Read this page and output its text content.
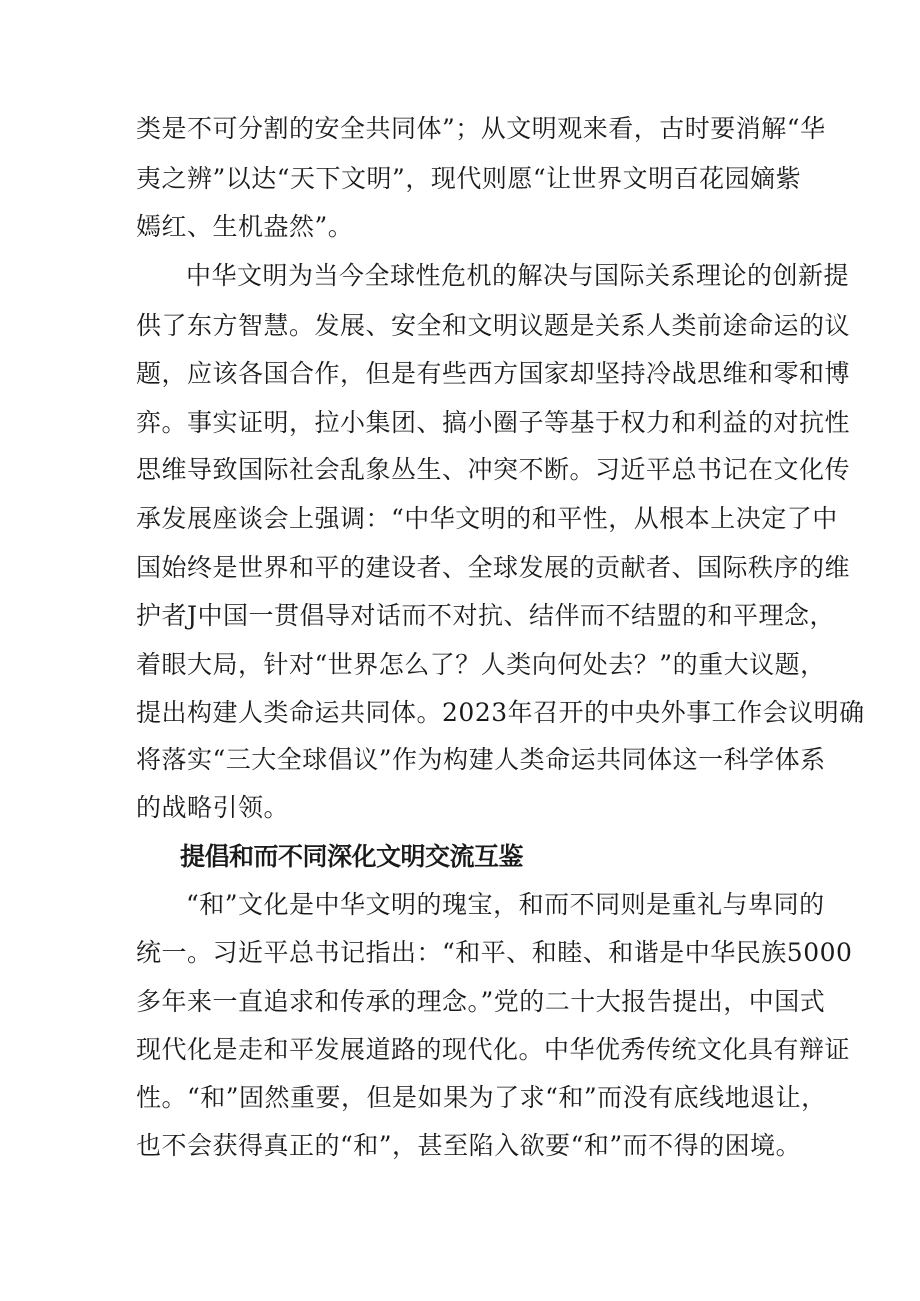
类是不可分割的安全共同体”；从文明观来看，古时要消解“华
夷之辨”以达“天下文明”，现代则愿“让世界文明百花园嫡紫
嫣红、生机盎然”。
中华文明为当今全球性危机的解决与国际关系理论的创新提
供了东方智慧。发展、安全和文明议题是关系人类前途命运的议
题，应该各国合作，但是有些西方国家却坚持冷战思维和零和博
弈。事实证明，拉小集团、搞小圈子等基于权力和利益的对抗性
思维导致国际社会乱象丛生、冲突不断。习近平总书记在文化传
承发展座谈会上强调：“中华文明的和平性，从根本上决定了中
国始终是世界和平的建设者、全球发展的贡献者、国际秩序的维
护者J中国一贯倡导对话而不对抗、结伴而不结盟的和平理念，
着眼大局，针对“世界怎么了？人类向何处去？”的重大议题，
提出构建人类命运共同体。2023年召开的中央外事工作会议明确
将落实“三大全球倡议”作为构建人类命运共同体这一科学体系
的战略引领。
提倡和而不同深化文明交流互鉴
“和”文化是中华文明的瑰宝，和而不同则是重礼与卑同的
统一。习近平总书记指出：“和平、和睦、和谐是中华民族5000
多年来一直追求和传承的理念。”党的二十大报告提出，中国式
现代化是走和平发展道路的现代化。中华优秀传统文化具有辩证
性。“和”固然重要，但是如果为了求“和”而没有底线地退让，
也不会获得真正的“和”，甚至陷入欲要“和”而不得的困境。
